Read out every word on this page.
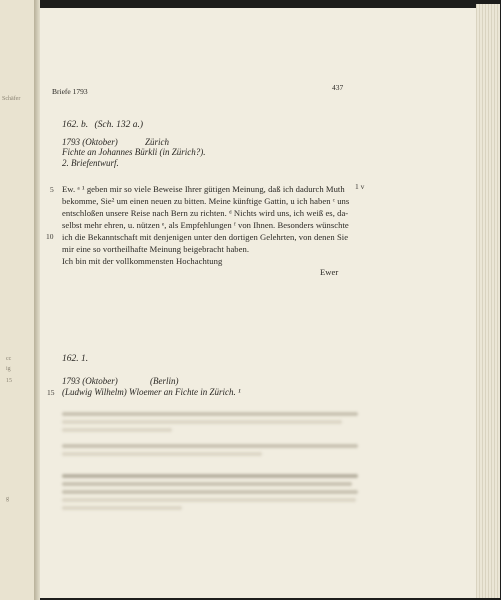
Schäfer
cc
ig
15
g
Briefe 1793	437
162. b. (Sch. 132 a.)
1793 (Oktober)	Zürich
Fichte an Johannes Bürkli (in Zürich?).
2. Briefentwurf.
5
10
1 v
Ew. ᵃ ¹ geben mir so viele Beweise Ihrer gütigen Meinung, daß ich dadurch Muth
bekomme, Sie² um einen neuen zu bitten. Meine künftige Gattin, u ich haben ᶜ uns
entschloßen unsere Reise nach Bern zu richten. ᵈ Nichts wird uns, ich weiß es, da-
selbst mehr ehren, u. nützen ᵉ, als Empfehlungen ᶠ von Ihnen. Besonders wünschte
ich die Bekanntschaft mit denjenigen unter den dortigen Gelehrten, von denen Sie
mir eine so vortheilhafte Meinung beigebracht haben.
Ich bin mit der vollkommensten Hochachtung
Ewer
162. 1.
1793 (Oktober)	(Berlin)
15 (Ludwig Wilhelm) Wloemer an Fichte in Zürich. ¹
